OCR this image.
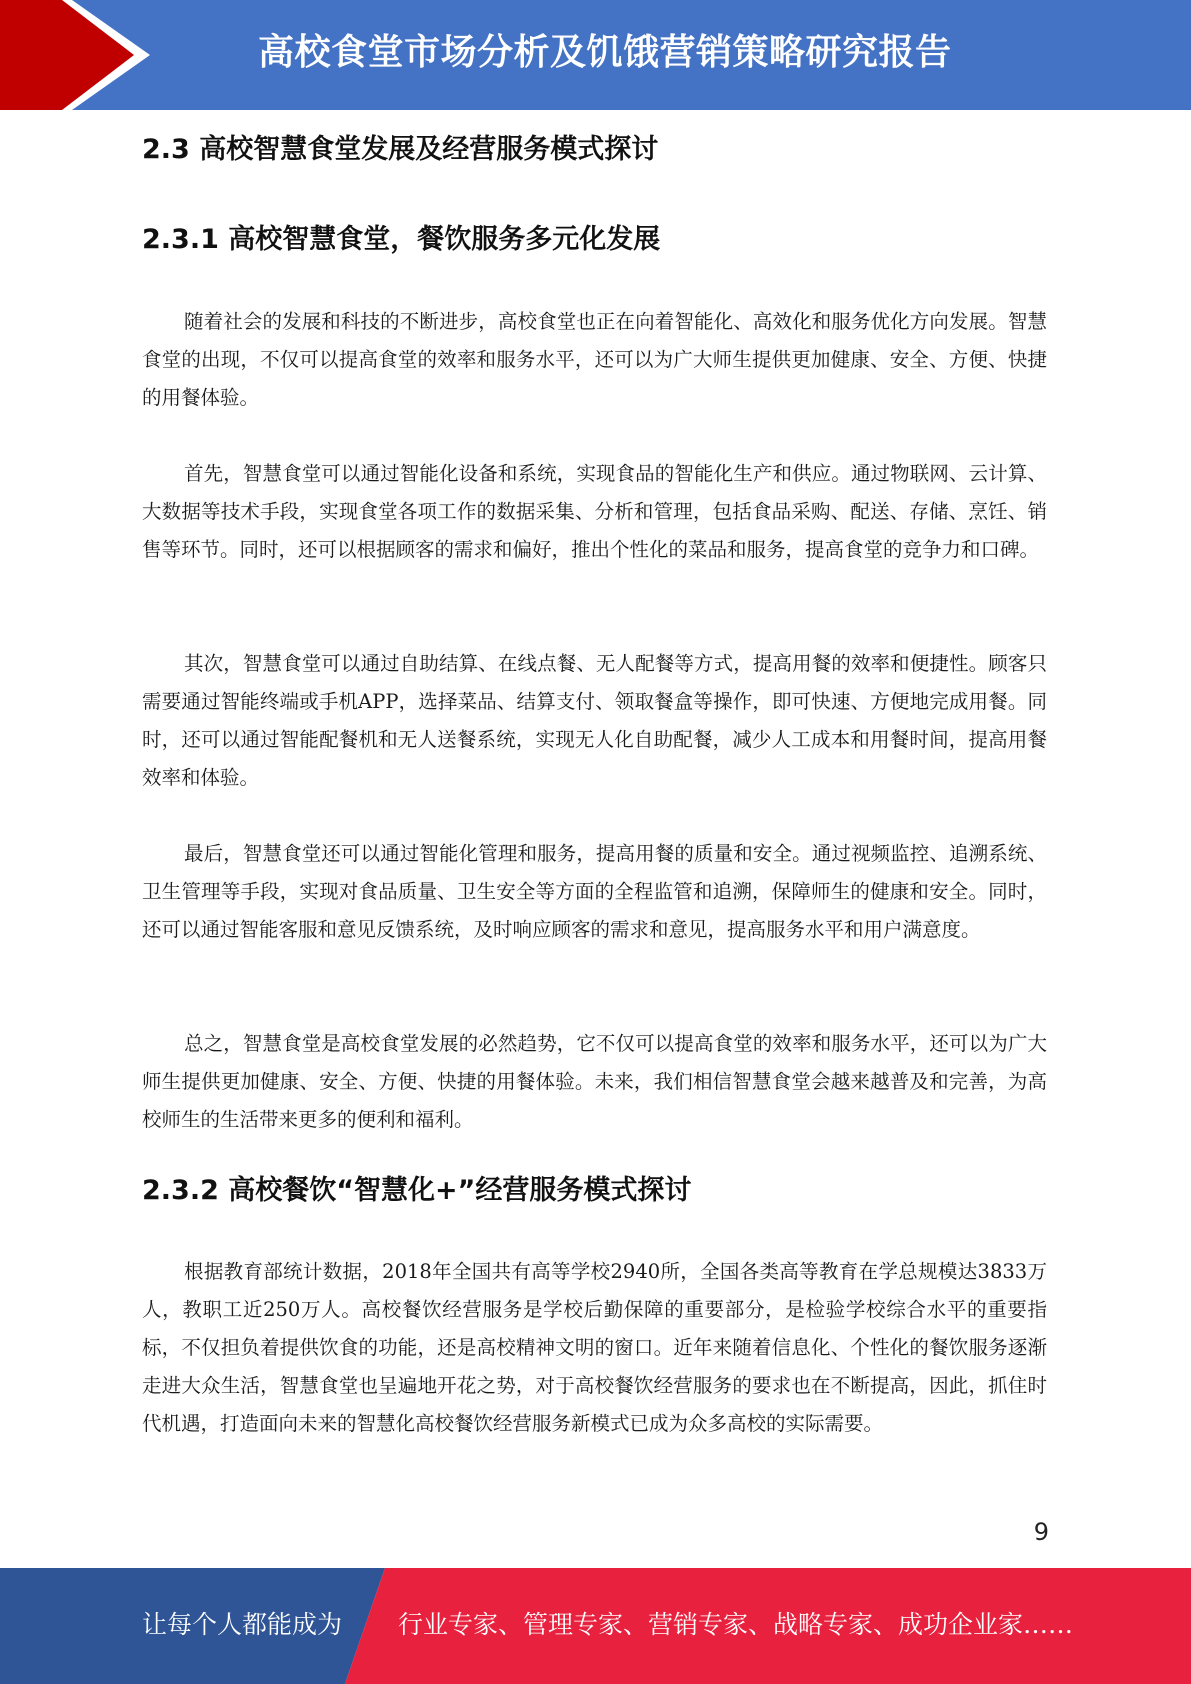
高校食堂市场分析及饥饿营销策略研究报告
2.3 高校智慧食堂发展及经营服务模式探讨
2.3.1 高校智慧食堂，餐饮服务多元化发展

随着社会的发展和科技的不断进步，高校食堂也正在向着智能化、高效化和服务优化方向发展。智慧食堂的出现，不仅可以提高食堂的效率和服务水平，还可以为广大师生提供更加健康、安全、方便、快捷的用餐体验。

首先，智慧食堂可以通过智能化设备和系统，实现食品的智能化生产和供应。通过物联网、云计算、大数据等技术手段，实现食堂各项工作的数据采集、分析和管理，包括食品采购、配送、存储、烹饪、销售等环节。同时，还可以根据顾客的需求和偏好，推出个性化的菜品和服务，提高食堂的竞争力和口碑。

其次，智慧食堂可以通过自助结算、在线点餐、无人配餐等方式，提高用餐的效率和便捷性。顾客只需要通过智能终端或手机APP，选择菜品、结算支付、领取餐盒等操作，即可快速、方便地完成用餐。同时，还可以通过智能配餐机和无人送餐系统，实现无人化自助配餐，减少人工成本和用餐时间，提高用餐效率和体验。

最后，智慧食堂还可以通过智能化管理和服务，提高用餐的质量和安全。通过视频监控、追溯系统、卫生管理等手段，实现对食品质量、卫生安全等方面的全程监管和追溯，保障师生的健康和安全。同时，还可以通过智能客服和意见反馈系统，及时响应顾客的需求和意见，提高服务水平和用户满意度。

总之，智慧食堂是高校食堂发展的必然趋势，它不仅可以提高食堂的效率和服务水平，还可以为广大师生提供更加健康、安全、方便、快捷的用餐体验。未来，我们相信智慧食堂会越来越普及和完善，为高校师生的生活带来更多的便利和福利。

2.3.2 高校餐饮“智慧化+”经营服务模式探讨

根据教育部统计数据，2018年全国共有高等学校2940所，全国各类高等教育在学总规模达3833万人，教职工近250万人。高校餐饮经营服务是学校后勤保障的重要部分，是检验学校综合水平的重要指标，不仅担负着提供饮食的功能，还是高校精神文明的窗口。近年来随着信息化、个性化的餐饮服务逐渐走进大众生活，智慧食堂也呈遍地开花之势，对于高校餐饮经营服务的要求也在不断提高，因此，抓住时代机遇，打造面向未来的智慧化高校餐饮经营服务新模式已成为众多高校的实际需要。

9
让每个人都能成为 行业专家、管理专家、营销专家、战略专家、成功企业家……
